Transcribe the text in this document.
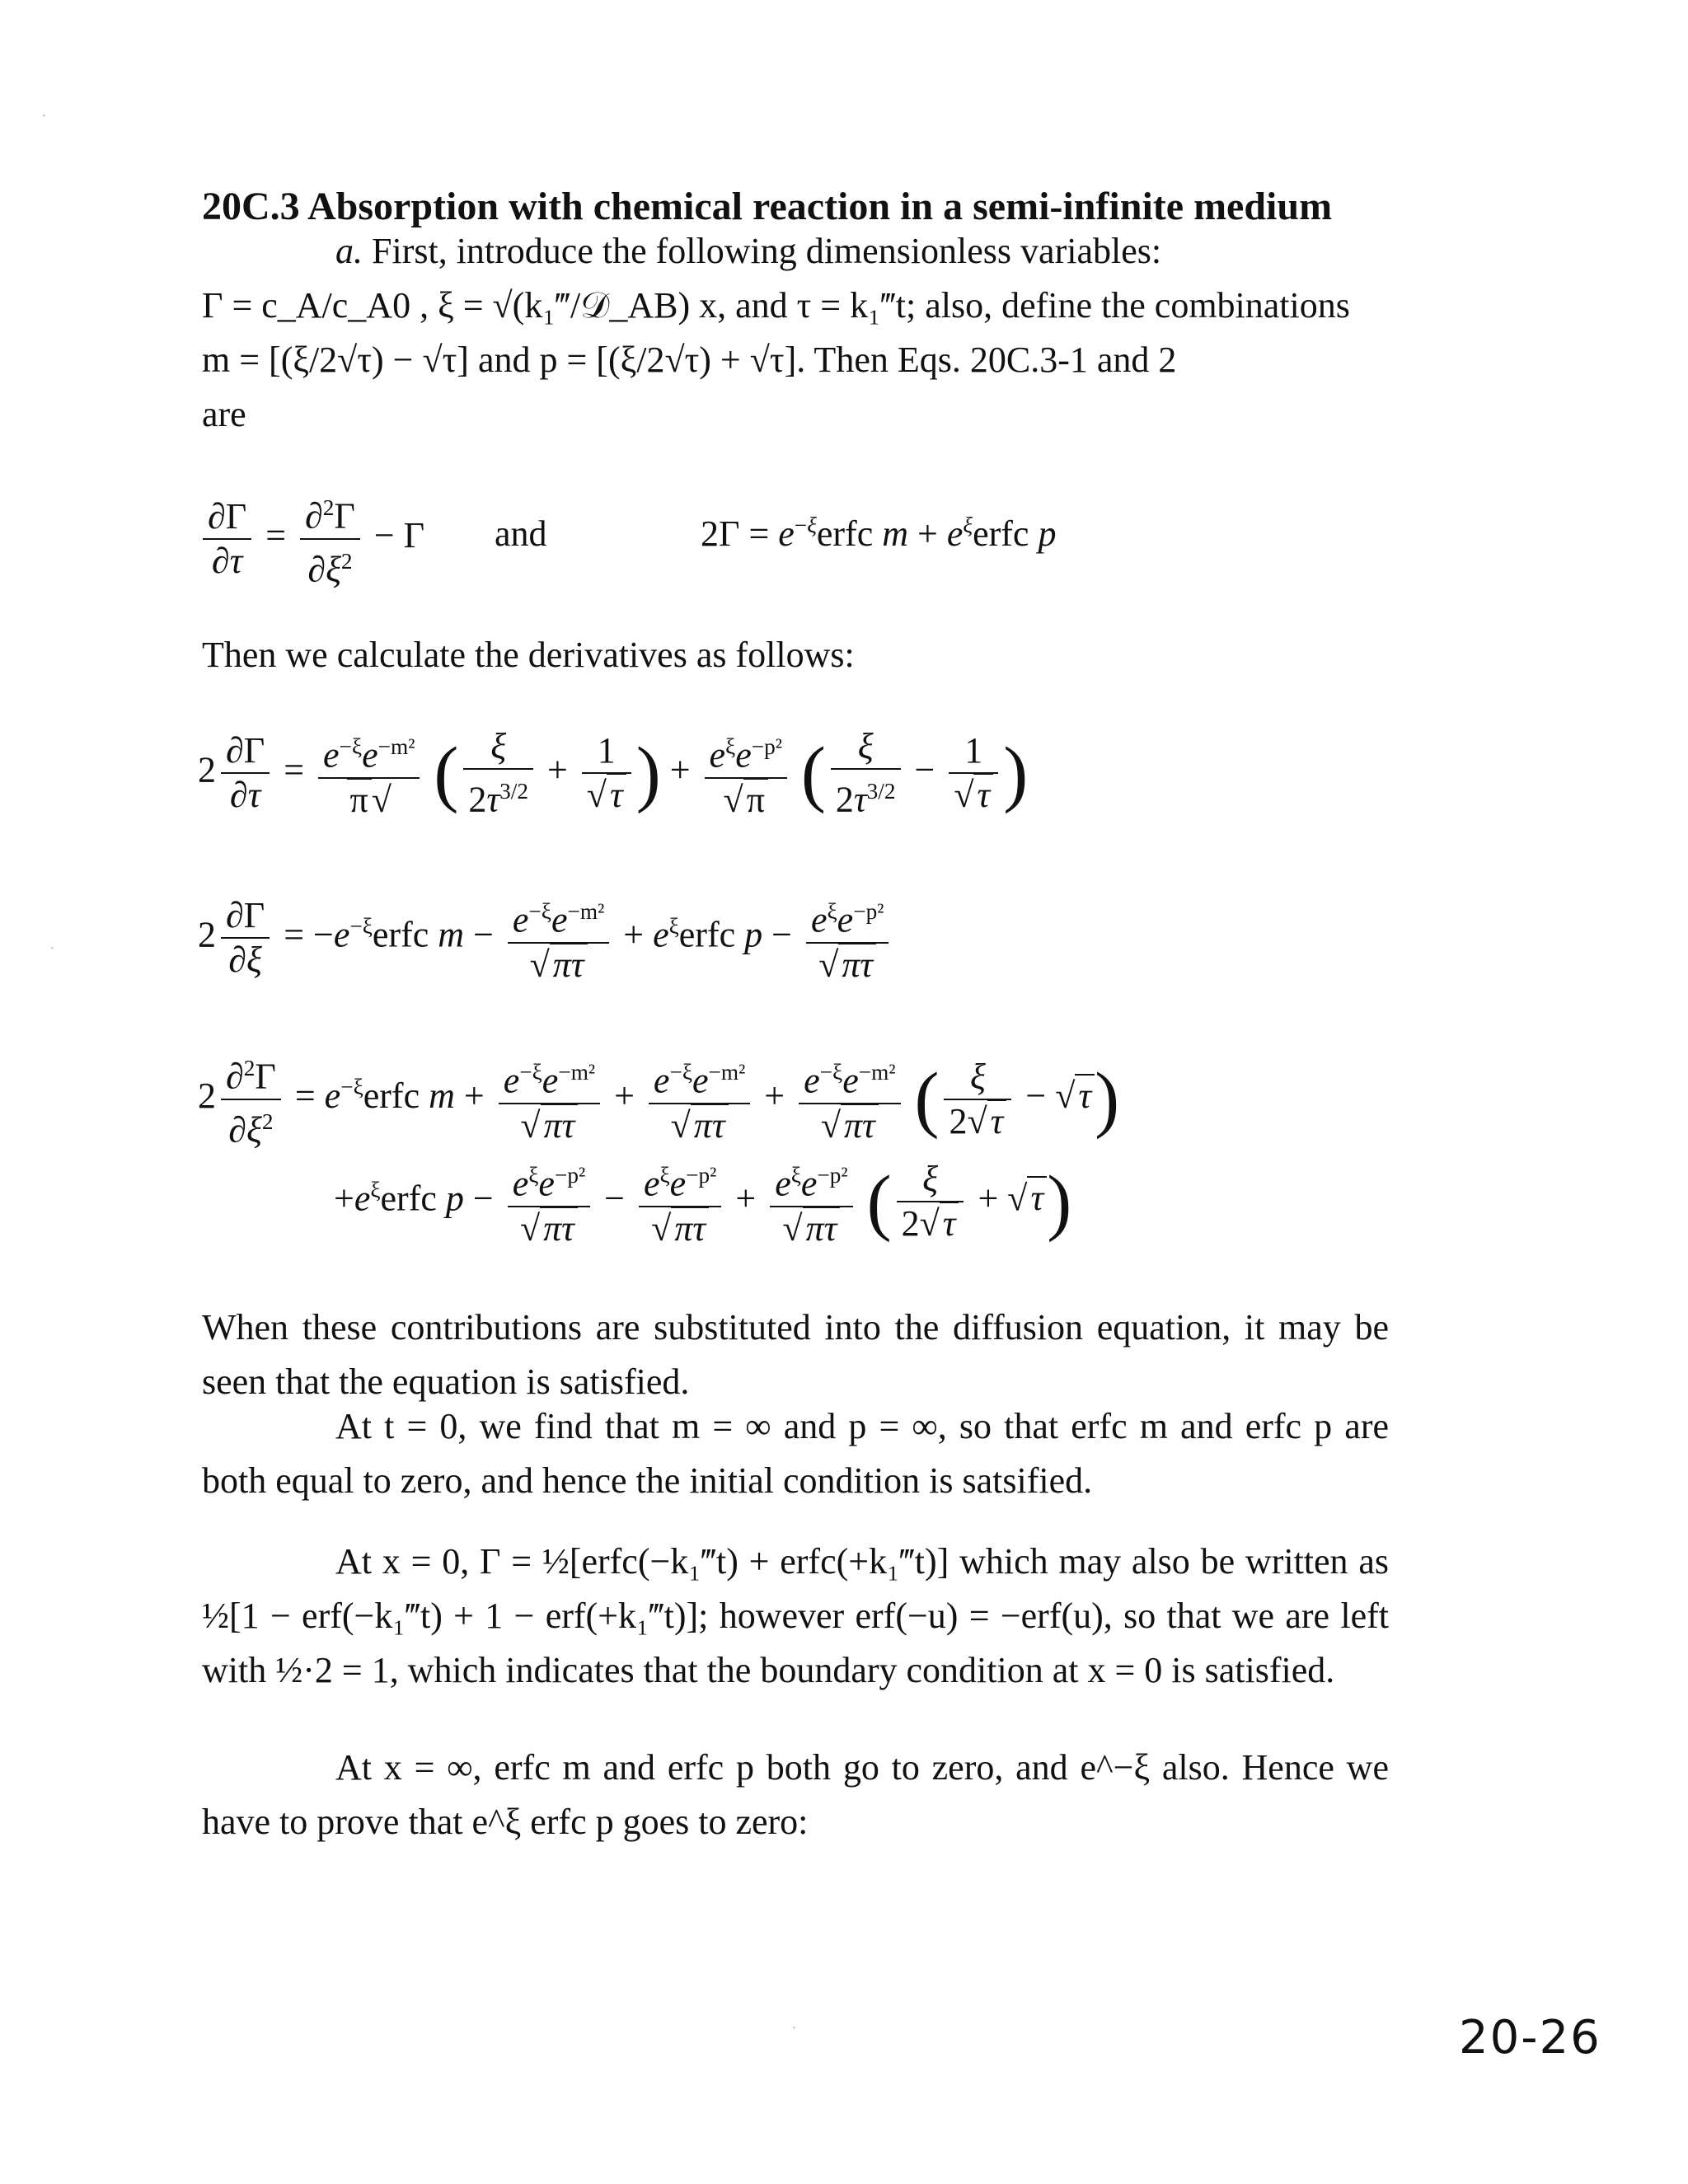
20C.3 Absorption with chemical reaction in a semi-infinite medium
a. First, introduce the following dimensionless variables:
Γ = c_A/c_A0 , ξ = √(k₁‴/𝒟_AB) x, and τ = k₁‴t; also, define the combinations
m = [(ξ/2√τ) − √τ] and p = [(ξ/2√τ) + √τ]. Then Eqs. 20C.3-1 and 2
are
$\frac{\partial\Gamma}{\partial\tau} = \frac{\partial^2\Gamma}{\partial\xi^2} - \Gamma$ and	$2\Gamma = e^{-\xi}erfc$ $m + e^\xi erfc$ p
Then we calculate the derivatives as follows:
$2 \frac{\partial\Gamma}{\partial\tau} = \frac{e^{-\xi}e^{-m^2}}{\pi√}$ ( $\frac{\xi}{2\tau^{3/2}} + \frac{1}{√\tau}$ ) + $\frac{e^\xi e^{-p^2}}{√\pi}$ ( $\frac{\xi}{2\tau^{3/2}} - \frac{1}{√\tau}$ )
$2 \frac{\partial\Gamma}{\partial\xi}$ = $-e^{-\xi}erfc$ $m - \frac{e^{-\xi}e^{-m^2}}{√\pi\tau}$ + $e^\xi erfc$ $p - \frac{e^\xi e^{-p^2}}{√\pi\tau}$
$2 \frac{\partial^2\Gamma}{\partial\xi^2}$ = $e^{-\xi}erfc$ $m + \frac{e^{-\xi}e^{-m^2}}{√\pi\tau} + \frac{e^{-\xi}e^{-m^2}}{√\pi\tau} + \frac{e^{-\xi}e^{-m^2}}{√\pi\tau}$ ( $\frac{\xi}{2√\tau} - √\tau$)
$+e^\xi erfc$ $p - \frac{e^\xi e^{-p^2}}{√\pi\tau} - \frac{e^\xi e^{-p^2}}{√\pi\tau} + \frac{e^\xi e^{-p^2}}{√\pi\tau}$ ( $\frac{\xi}{2√\tau} + √\tau$)
When these contributions are substituted into the diffusion equation, it may be seen that the equation is satisfied.
At t = 0, we find that m = ∞ and p = ∞, so that erfc m and erfc p are both equal to zero, and hence the initial condition is satsified.
At x = 0, Γ = ½[erfc(−k₁‴t) + erfc(+k₁‴t)] which may also be written as ½[1 − erf(−k₁‴t) + 1 − erf(+k₁‴t)]; however erf(−u) = −erf(u), so that we are left with ½·2 = 1, which indicates that the boundary condition at x = 0 is satisfied.
At x = ∞, erfc m and erfc p both go to zero, and e^−ξ also. Hence we have to prove that e^ξ erfc p goes to zero:
20-26
·
·
·
